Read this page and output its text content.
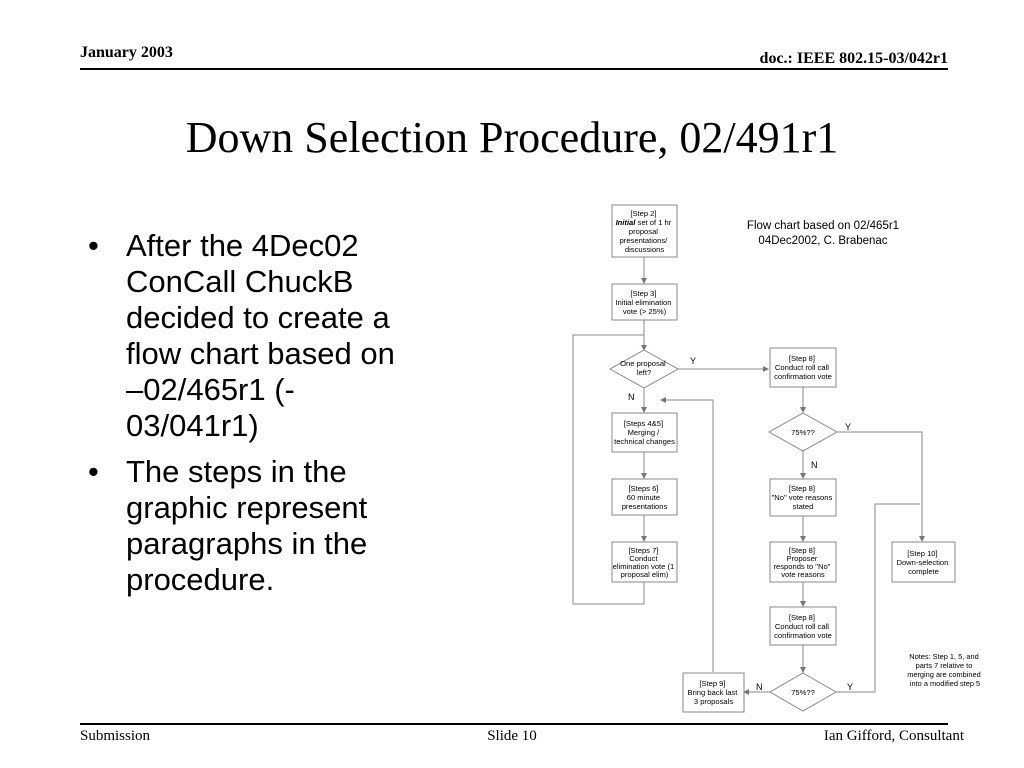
January 2003	doc.: IEEE 802.15-03/042r1
Down Selection Procedure, 02/491r1
• After the 4Dec02
ConCall ChuckB
decided to create a
flow chart based on
–02/465r1 (-
03/041r1)
• The steps in the
graphic represent
paragraphs in the
procedure.
Flow chart based on 02/465r1
04Dec2002, C. Brabenac
Y
N
Y
N
N	Y
[Step 2] Initial set of 1 hr proposal presentations/ discussions
[Step 3] Initial elimination vote (> 25%)
One proposal left?
[Steps 4&5] Merging / technical changes
[Steps 6] 60 minute presentations
[Steps 7] Conduct elimination vote (1 proposal elim)
[Step 8] Conduct roll call confirmation vote
75%??
[Step 8] "No" vote reasons stated
[Step 8] Proposer responds to "No" vote reasons
[Step 8] Conduct roll call confirmation vote
75%??
[Step 9] Bring back last 3 proposals
[Step 10] Down-selection complete
Notes: Step 1, 5, and parts 7 relative to merging are combined into a modified step 5
Submission	Slide 10	Ian Gifford, Consultant
